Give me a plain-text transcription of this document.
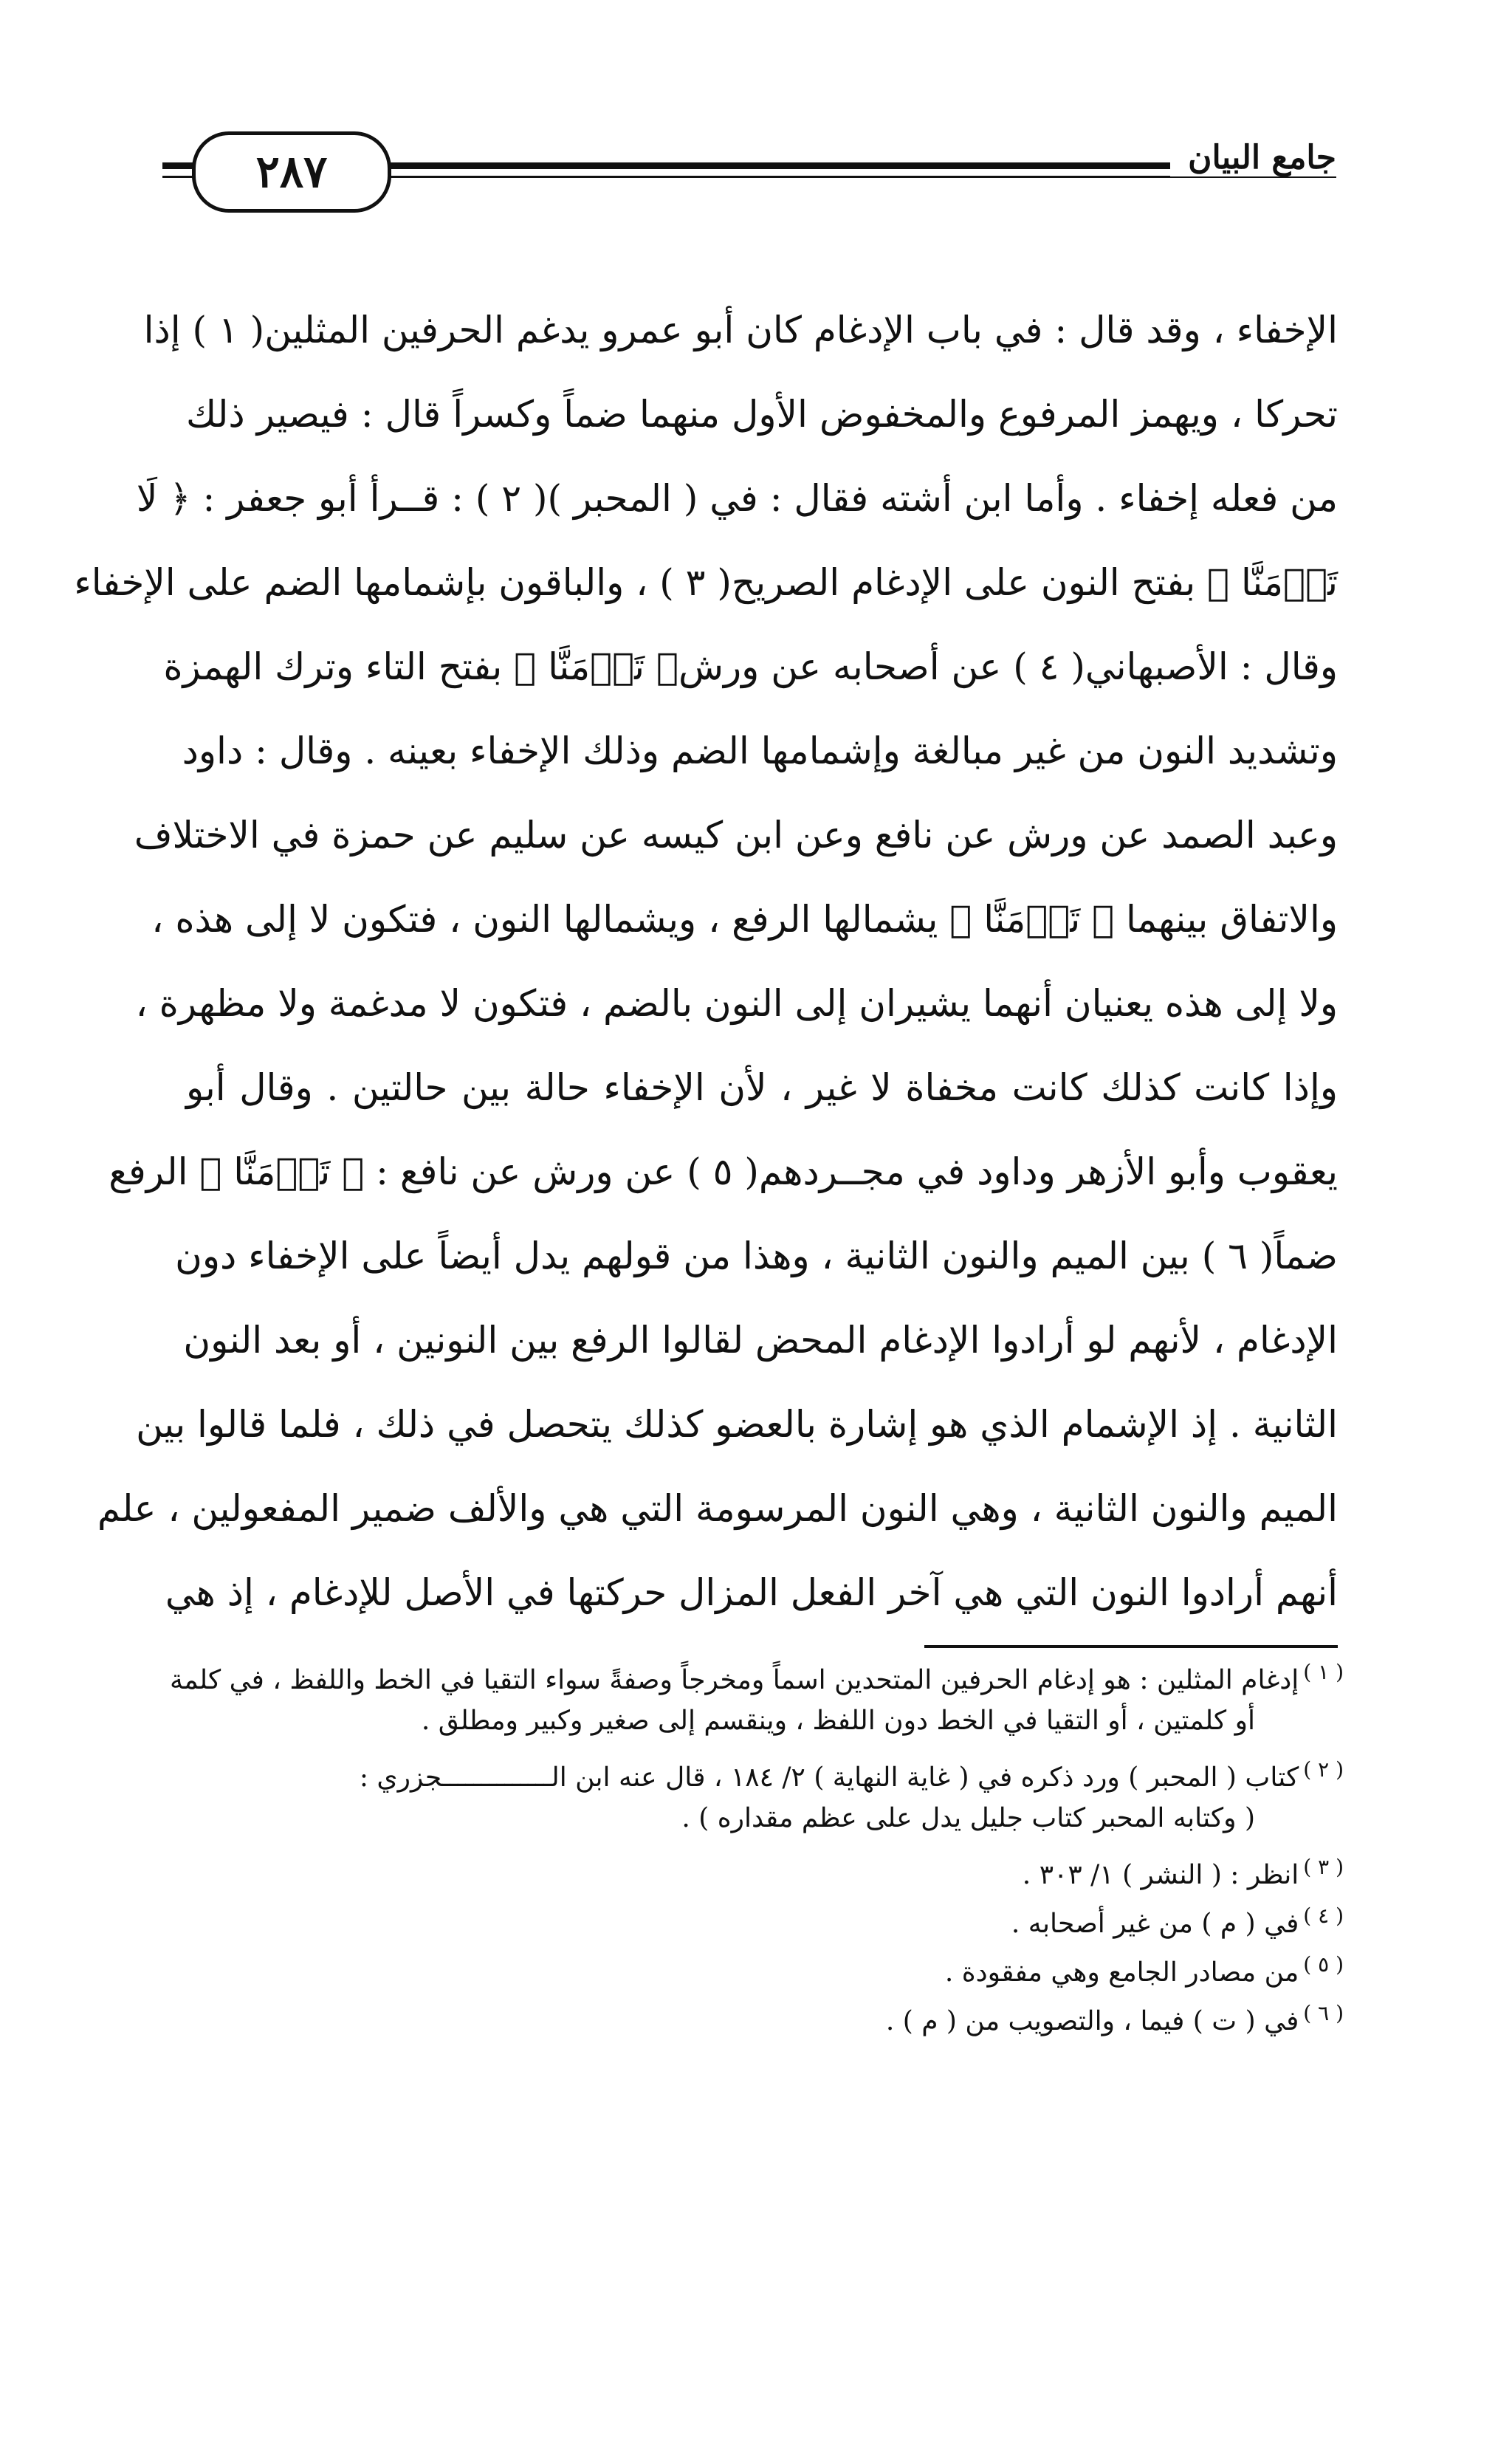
٢٨٧	جامع البيان
الإخفاء ، وقد قال : في باب الإدغام كان أبو عمرو يدغم الحرفين المثلين( ١ ) إذا
تحركا ، ويهمز المرفوع والمخفوض الأول منهما ضماً وكسراً قال : فيصير ذلك
من فعله إخفاء . وأما ابن أشته فقال : في ( المحبر )( ٢ ) : قــرأ أبو جعفر : ﴿ لَا
تَأۡمَنَّا ﴾ بفتح النون على الإدغام الصريح( ٣ ) ، والباقون بإشمامها الضم على الإخفاء
وقال : الأصبهاني( ٤ ) عن أصحابه عن ورش﴿ تَأۡمَنَّا ﴾ بفتح التاء وترك الهمزة
وتشديد النون من غير مبالغة وإشمامها الضم وذلك الإخفاء بعينه . وقال : داود
وعبد الصمد عن ورش عن نافع وعن ابن كيسه عن سليم عن حمزة في الاختلاف
والاتفاق بينهما ﴿ تَأۡمَنَّا ﴾ يشمالها الرفع ، ويشمالها النون ، فتكون لا إلى هذه ،
ولا إلى هذه يعنيان أنهما يشيران إلى النون بالضم ، فتكون لا مدغمة ولا مظهرة ،
وإذا كانت كذلك كانت مخفاة لا غير ، لأن الإخفاء حالة بين حالتين . وقال أبو
يعقوب وأبو الأزهر وداود في مجــردهم( ٥ ) عن ورش عن نافع : ﴿ تَأۡمَنَّا ﴾ الرفع
ضماً( ٦ ) بين الميم والنون الثانية ، وهذا من قولهم يدل أيضاً على الإخفاء دون
الإدغام ، لأنهم لو أرادوا الإدغام المحض لقالوا الرفع بين النونين ، أو بعد النون
الثانية . إذ الإشمام الذي هو إشارة بالعضو كذلك يتحصل في ذلك ، فلما قالوا بين
الميم والنون الثانية ، وهي النون المرسومة التي هي والألف ضمير المفعولين ، علم
أنهم أرادوا النون التي هي آخر الفعل المزال حركتها في الأصل للإدغام ، إذ هي
$^{( ١ )}$إدغام المثلين : هو إدغام الحرفين المتحدين اسماً ومخرجاً وصفةً سواء التقيا في الخط واللفظ ، في كلمة
أو كلمتين ، أو التقيا في الخط دون اللفظ ، وينقسم إلى صغير وكبير ومطلق .
$^{( ٢ )}$كتاب ( المحبر ) ورد ذكره في ( غاية النهاية ) ٢/ ١٨٤ ، قال عنه ابن الــــــــــــــجزري :
( وكتابه المحبر كتاب جليل يدل على عظم مقداره ) .
$^{( ٣ )}$انظر : ( النشر ) ١/ ٣٠٣ .
$^{( ٤ )}$في ( م ) من غير أصحابه .
$^{( ٥ )}$من مصادر الجامع وهي مفقودة .
$^{( ٦ )}$في ( ت ) فيما ، والتصويب من ( م ) .
